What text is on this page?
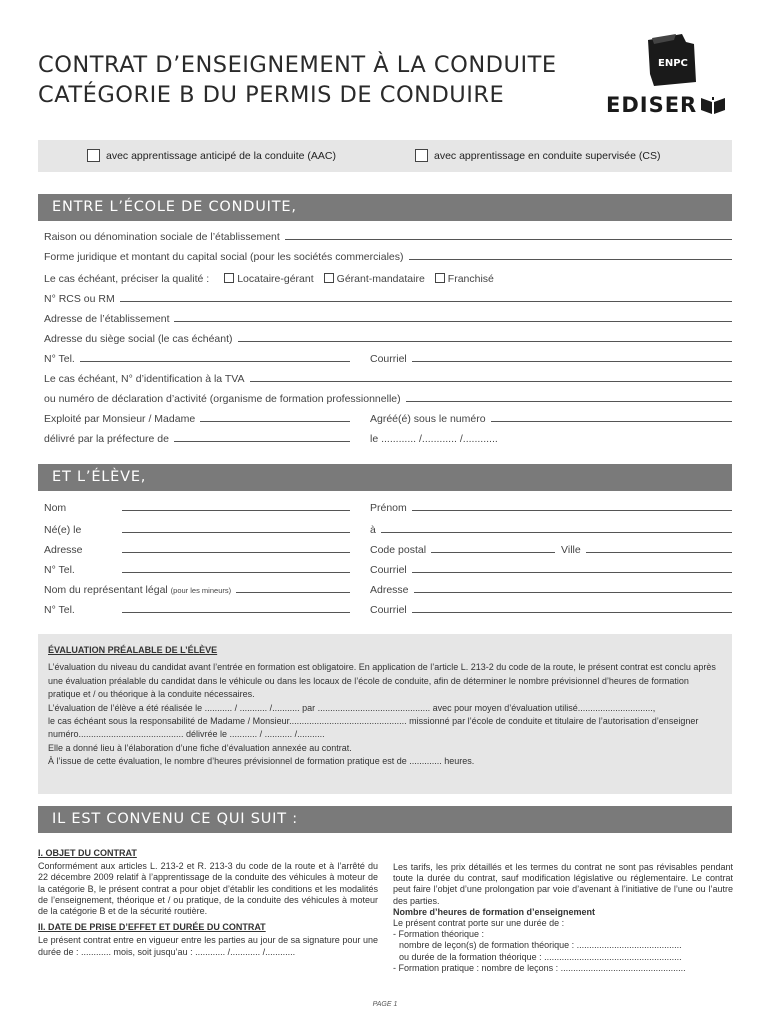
CONTRAT D’ENSEIGNEMENT À LA CONDUITE
CATÉGORIE B DU PERMIS DE CONDUIRE
ENPC
EDISER
avec apprentissage anticipé de la conduite (AAC)	avec apprentissage en conduite supervisée (CS)
ENTRE L’ÉCOLE DE CONDUITE,
Raison ou dénomination sociale de l’établissement
Forme juridique et montant du capital social (pour les sociétés commerciales)
Le cas échéant, préciser la qualité :	Locataire-gérant	Gérant-mandataire	Franchisé
N° RCS ou RM
Adresse de l’établissement
Adresse du siège social (le cas échéant)
N° Tel.	Courriel
Le cas échéant, N° d’identification à la TVA
ou numéro de déclaration d’activité (organisme de formation professionnelle)
Exploité par Monsieur / Madame	Agréé(é) sous le numéro
délivré par la préfecture de	le ............ /............ /............
ET L’ÉLÈVE,
Nom	Prénom
Né(e) le	à
Adresse	Code postal	Ville
N° Tel.	Courriel
Nom du représentant légal (pour les mineurs)	Adresse
N° Tel.	Courriel
ÉVALUATION PRÉALABLE DE L’ÉLÈVE

L’évaluation du niveau du candidat avant l’entrée en formation est obligatoire. En application de l’article L. 213-2 du code de la route, le présent contrat est conclu après une évaluation préalable du candidat dans le véhicule ou dans les locaux de l’école de conduite, afin de déterminer le nombre prévisionnel d’heures de formation pratique et / ou théorique à la conduite nécessaires.

L’évaluation de l’élève a été réalisée le ........... / ........... /........... par ............................................. avec pour moyen d’évaluation utilisé..............................,

le cas échéant sous la responsabilité de Madame / Monsieur............................................... missionné par l’école de conduite et titulaire de l’autorisation d’enseigner numéro.......................................... délivrée le ........... / ........... /...........

Elle a donné lieu à l’élaboration d’une fiche d’évaluation annexée au contrat.

À l’issue de cette évaluation, le nombre d’heures prévisionnel de formation pratique est de ............. heures.

IL EST CONVENU CE QUI SUIT :
I. OBJET DU CONTRAT

Conformément aux articles L. 213-2 et R. 213-3 du code de la route et à l’arrêté du 22 décembre 2009 relatif à l’apprentissage de la conduite des véhicules à moteur de la catégorie B, le présent contrat a pour objet d’établir les conditions et les modalités de l’enseignement, théorique et / ou pratique, de la conduite des véhicules à moteur de la catégorie B et de la sécurité routière.

II. DATE DE PRISE D’EFFET ET DURÉE DU CONTRAT

Le présent contrat entre en vigueur entre les parties au jour de sa signature pour une durée de : ............ mois, soit jusqu’au : ............ /............ /............

Les tarifs, les prix détaillés et les termes du contrat ne sont pas révisables pendant toute la durée du contrat, sauf modification législative ou réglementaire. Le contrat peut faire l’objet d’une prolongation par voie d’avenant à l’initiative de l’une ou l’autre des parties.

Nombre d’heures de formation d’enseignement

Le présent contrat porte sur une durée de :

- Formation théorique :

nombre de leçon(s) de formation théorique : ..........................................

ou durée de la formation théorique : .......................................................

- Formation pratique : nombre de leçons : ..................................................

PAGE 1
